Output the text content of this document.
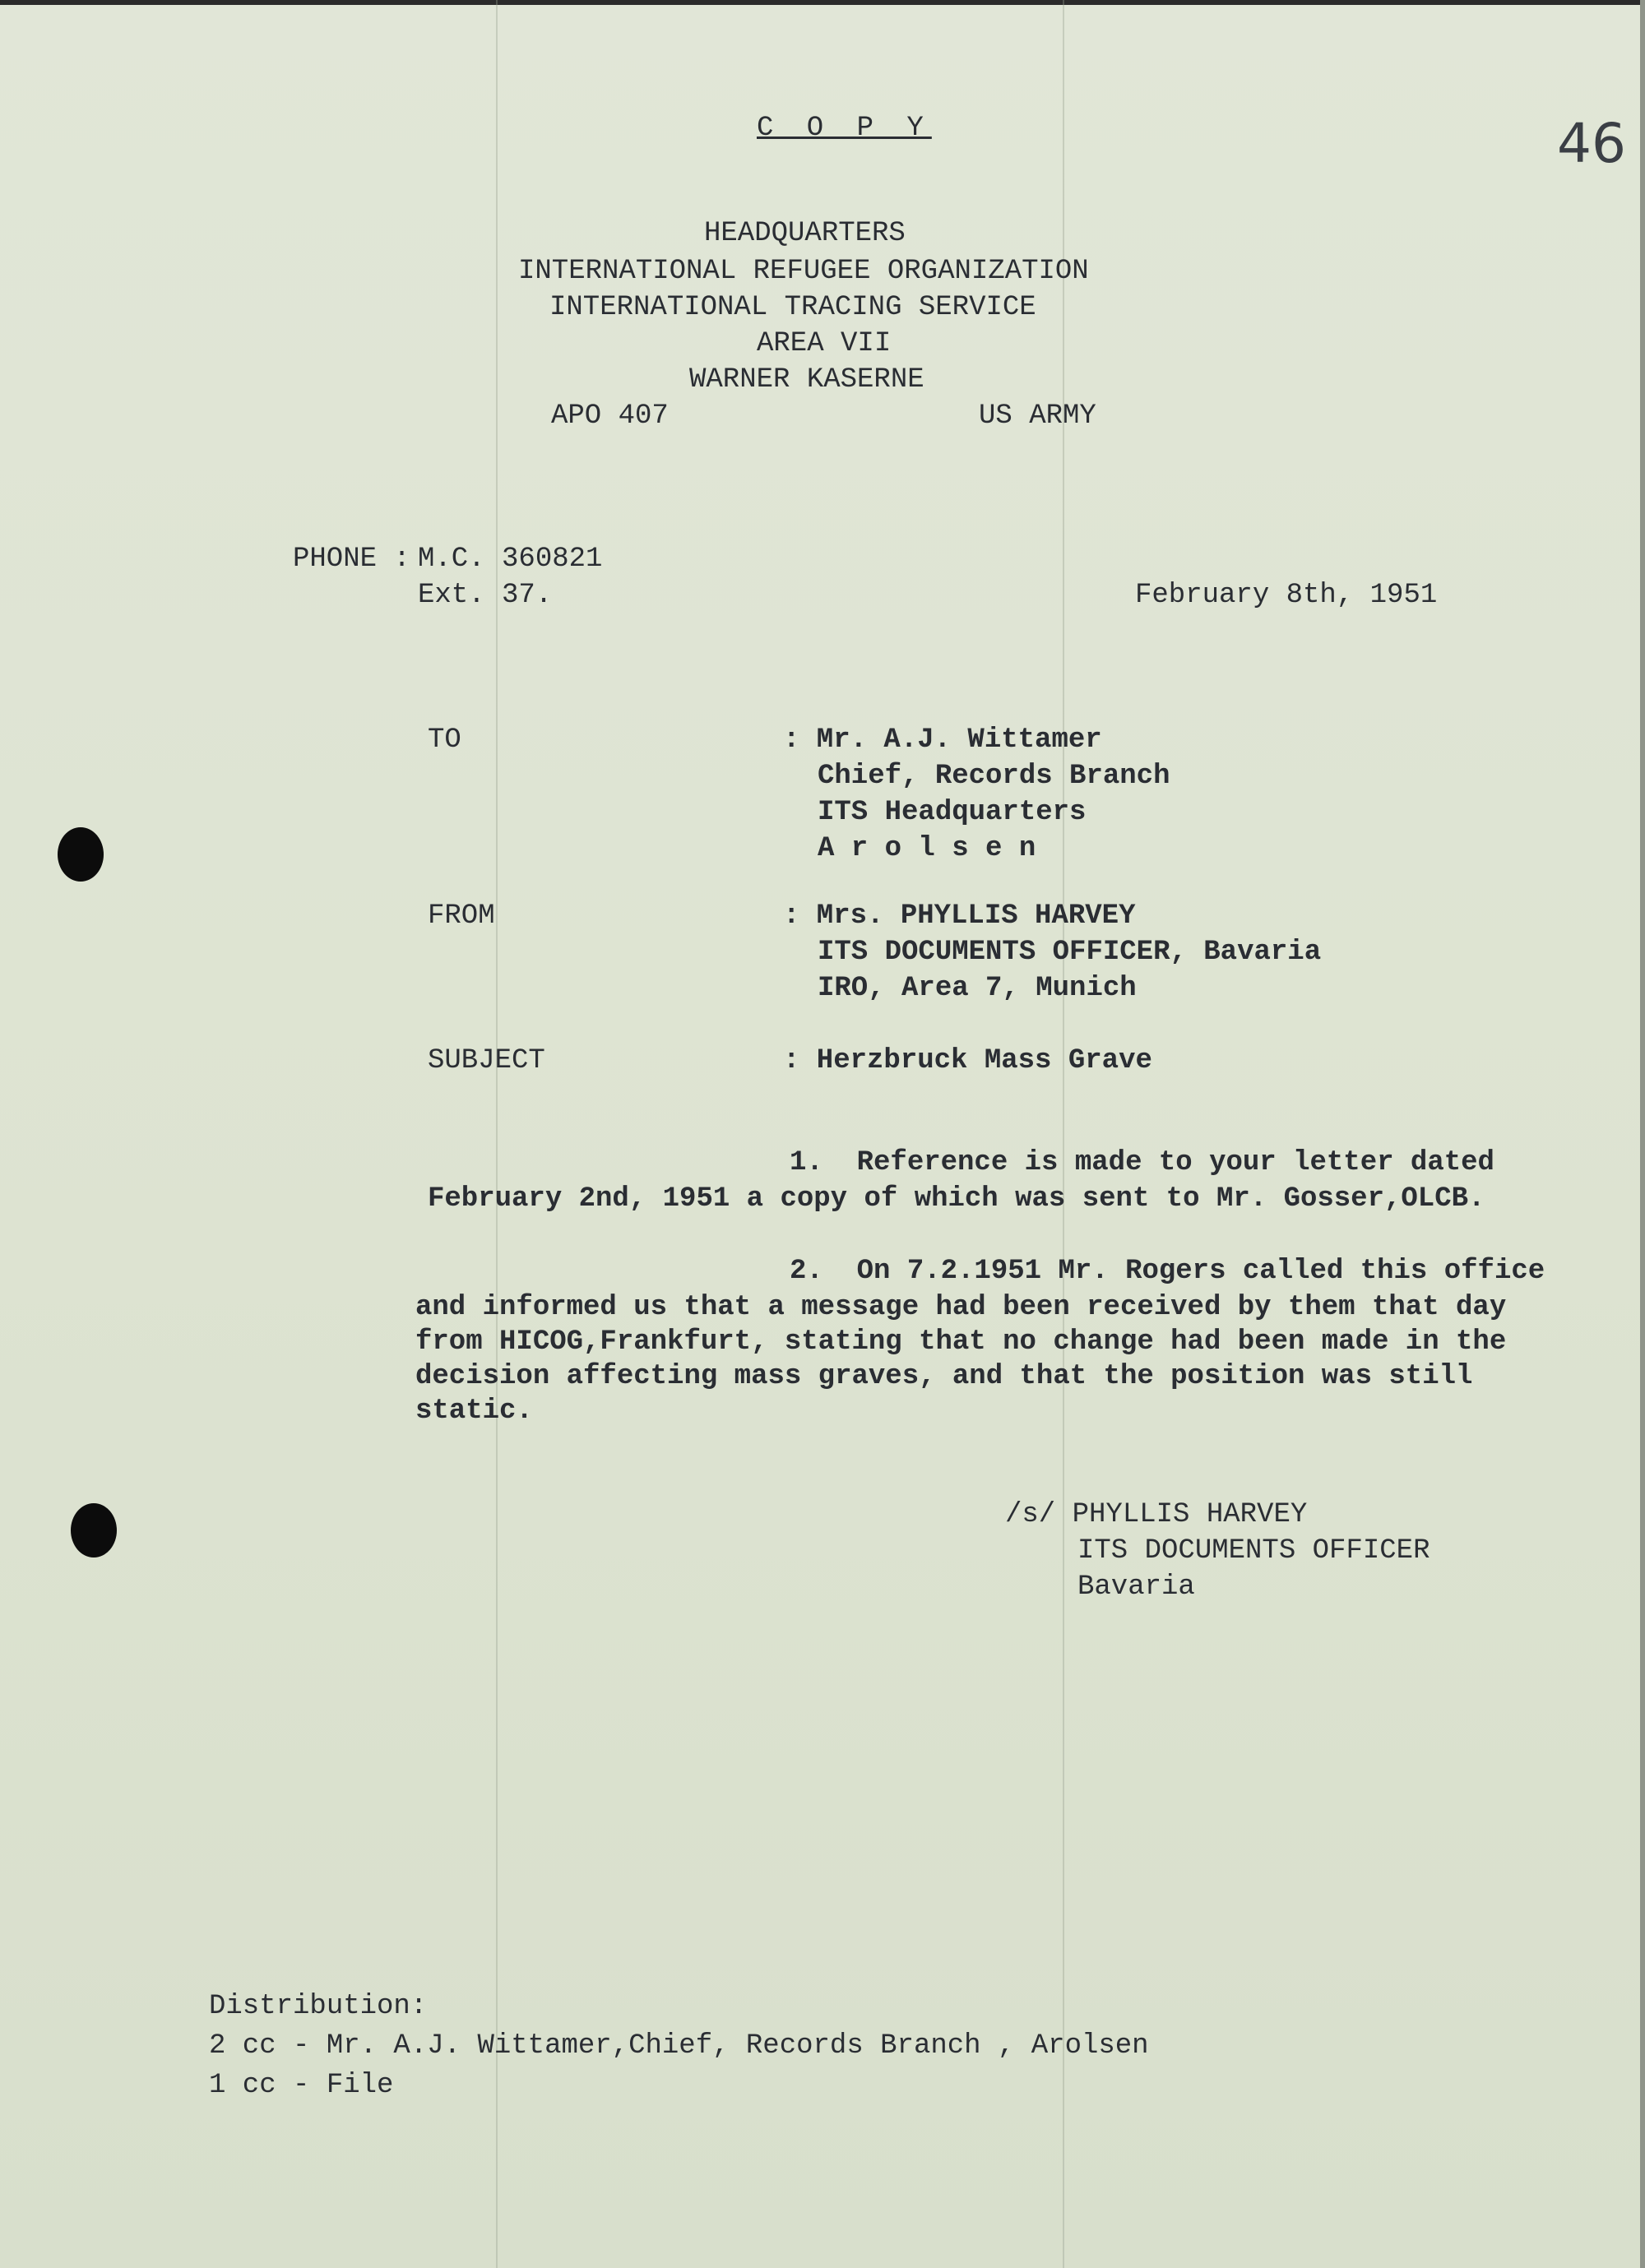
46
C O P Y
HEADQUARTERS
INTERNATIONAL REFUGEE ORGANIZATION
INTERNATIONAL TRACING SERVICE
AREA VII
WARNER KASERNE
APO 407	US ARMY
PHONE : M.C. 360821
Ext. 37.	February 8th, 1951
TO	: Mr. A.J. Wittamer
Chief, Records Branch
ITS Headquarters
A r o l s e n
FROM	: Mrs. PHYLLIS HARVEY
ITS DOCUMENTS OFFICER, Bavaria
IRO, Area 7, Munich
SUBJECT	: Herzbruck Mass Grave
1.  Reference is made to your letter dated
February 2nd, 1951 a copy of which was sent to Mr. Gosser,OLCB.
2.  On 7.2.1951 Mr. Rogers called this office
and informed us that a message had been received by them that day
from HICOG,Frankfurt, stating that no change had been made in the
decision affecting mass graves, and that the position was still
static.
/s/ PHYLLIS HARVEY
ITS DOCUMENTS OFFICER
Bavaria
Distribution:
2 cc - Mr. A.J. Wittamer,Chief, Records Branch , Arolsen
1 cc - File
